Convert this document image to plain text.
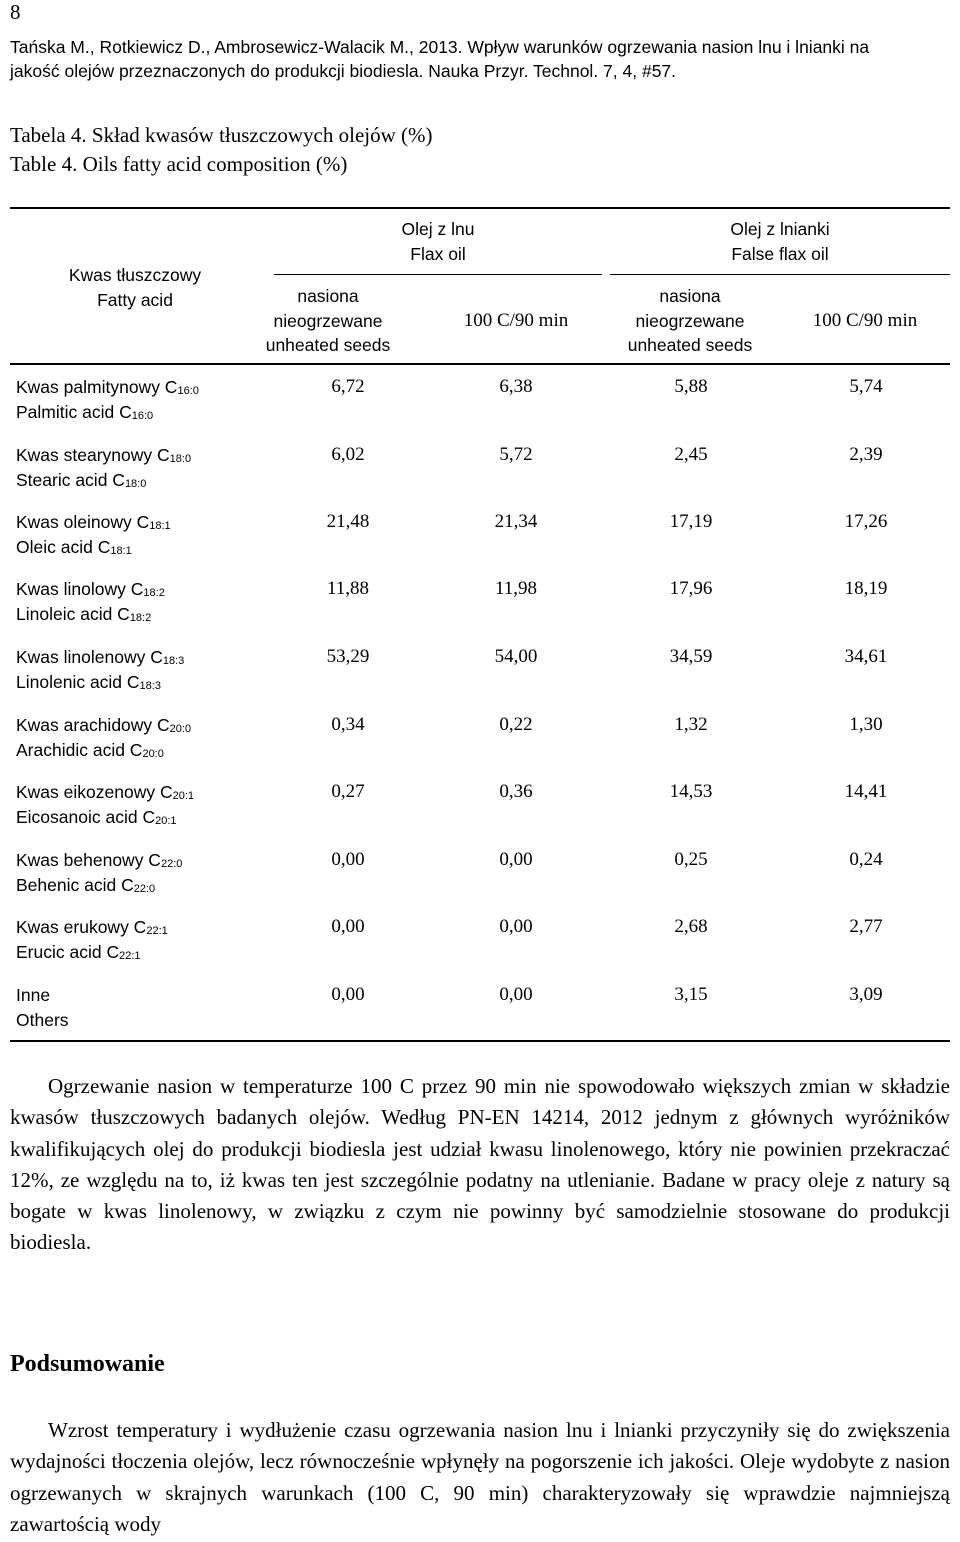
8
Tańska M., Rotkiewicz D., Ambrosewicz-Walacik M., 2013. Wpływ warunków ogrzewania nasion lnu i lnianki na
jakość olejów przeznaczonych do produkcji biodiesla. Nauka Przyr. Technol. 7, 4, #57.
Tabela 4. Skład kwasów tłuszczowych olejów (%)
Table 4. Oils fatty acid composition (%)
Kwas tłuszczowy
Fatty acid
Olej z lnu
Flax oil
Olej z lnianki
False flax oil
nasiona
nieogrzewane
unheated seeds
100 C/90 min
nasiona
nieogrzewane
unheated seeds
100 C/90 min
Kwas palmitynowy $C_{16:0}$
Palmitic acid $C_{16:0}$
6,72	6,38	5,88	5,74
Kwas stearynowy $C_{18:0}$
Stearic acid $C_{18:0}$
6,02	5,72	2,45	2,39
Kwas oleinowy $C_{18:1}$
Oleic acid $C_{18:1}$
21,48	21,34	17,19	17,26
Kwas linolowy $C_{18:2}$
Linoleic acid $C_{18:2}$
11,88	11,98	17,96	18,19
Kwas linolenowy $C_{18:3}$
Linolenic acid $C_{18:3}$
53,29	54,00	34,59	34,61
Kwas arachidowy $C_{20:0}$
Arachidic acid $C_{20:0}$
0,34	0,22	1,32	1,30
Kwas eikozenowy $C_{20:1}$
Eicosanoic acid $C_{20:1}$
0,27	0,36	14,53	14,41
Kwas behenowy $C_{22:0}$
Behenic acid $C_{22:0}$
0,00	0,00	0,25	0,24
Kwas erukowy $C_{22:1}$
Erucic acid $C_{22:1}$
0,00	0,00	2,68	2,77
Inne
Others
0,00	0,00	3,15	3,09

Ogrzewanie nasion w temperaturze 100 C przez 90 min nie spowodowało większych zmian w składzie kwasów tłuszczowych badanych olejów. Według PN-EN 14214, 2012 jednym z głównych wyróżników kwalifikujących olej do produkcji biodiesla jest udział kwasu linolenowego, który nie powinien przekraczać 12%, ze względu na to, iż kwas ten jest szczególnie podatny na utlenianie. Badane w pracy oleje z natury są bogate w kwas linolenowy, w związku z czym nie powinny być samodzielnie stosowane do produkcji biodiesla.

Podsumowanie

Wzrost temperatury i wydłużenie czasu ogrzewania nasion lnu i lnianki przyczyniły się do zwiększenia wydajności tłoczenia olejów, lecz równocześnie wpłynęły na pogorszenie ich jakości. Oleje wydobyte z nasion ogrzewanych w skrajnych warunkach (100 C, 90 min) charakteryzowały się wprawdzie najmniejszą zawartością wody
